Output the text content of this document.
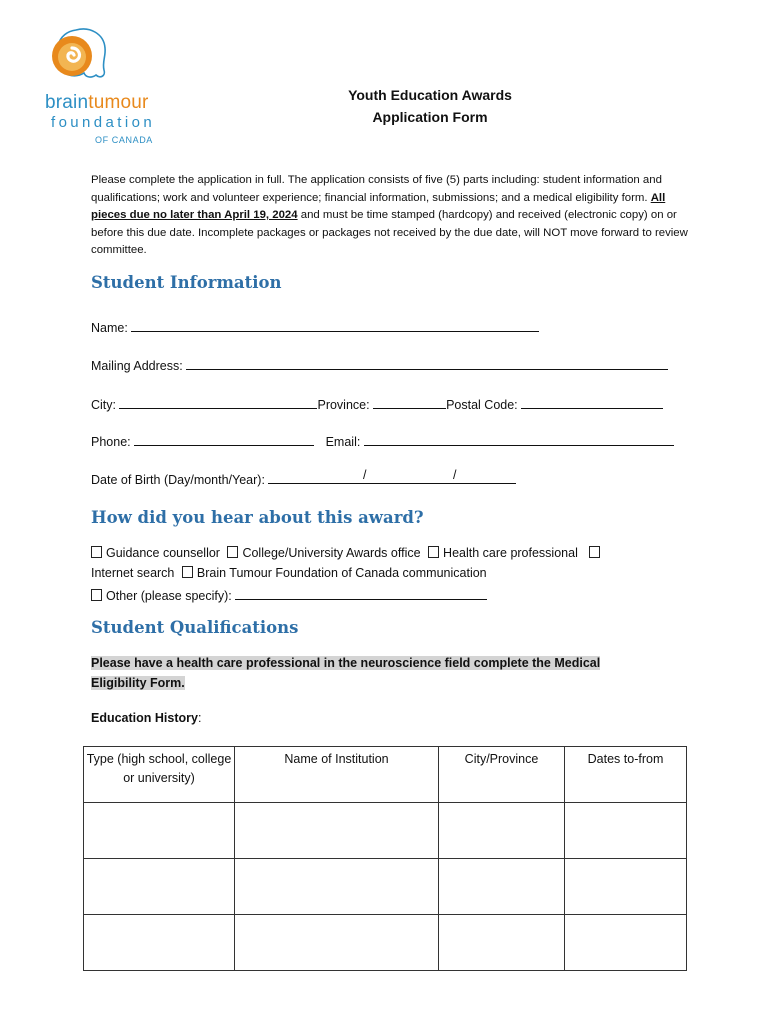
braintumour
foundation
OF CANADA
Youth Education Awards
Application Form
Please complete the application in full. The application consists of five (5) parts including: student information and qualifications; work and volunteer experience; financial information, submissions; and a medical eligibility form. All pieces due no later than April 19, 2024 and must be time stamped (hardcopy) and received (electronic copy) on or before this due date. Incomplete packages or packages not received by the due date, will NOT move forward to review committee.
Student Information
Name:
Mailing Address:
City:	Province:	Postal Code:
Phone:	Email:
Date of Birth (Day/month/Year):	/	/
How did you hear about this award?
Guidance counsellor College/University Awards office Health care professional
Internet search Brain Tumour Foundation of Canada communication
Other (please specify):
Student Qualifications
Please have a health care professional in the neuroscience field complete the Medical Eligibility Form.
Education History:
Type (high school, college or university)	Name of Institution	City/Province	Dates to-from
